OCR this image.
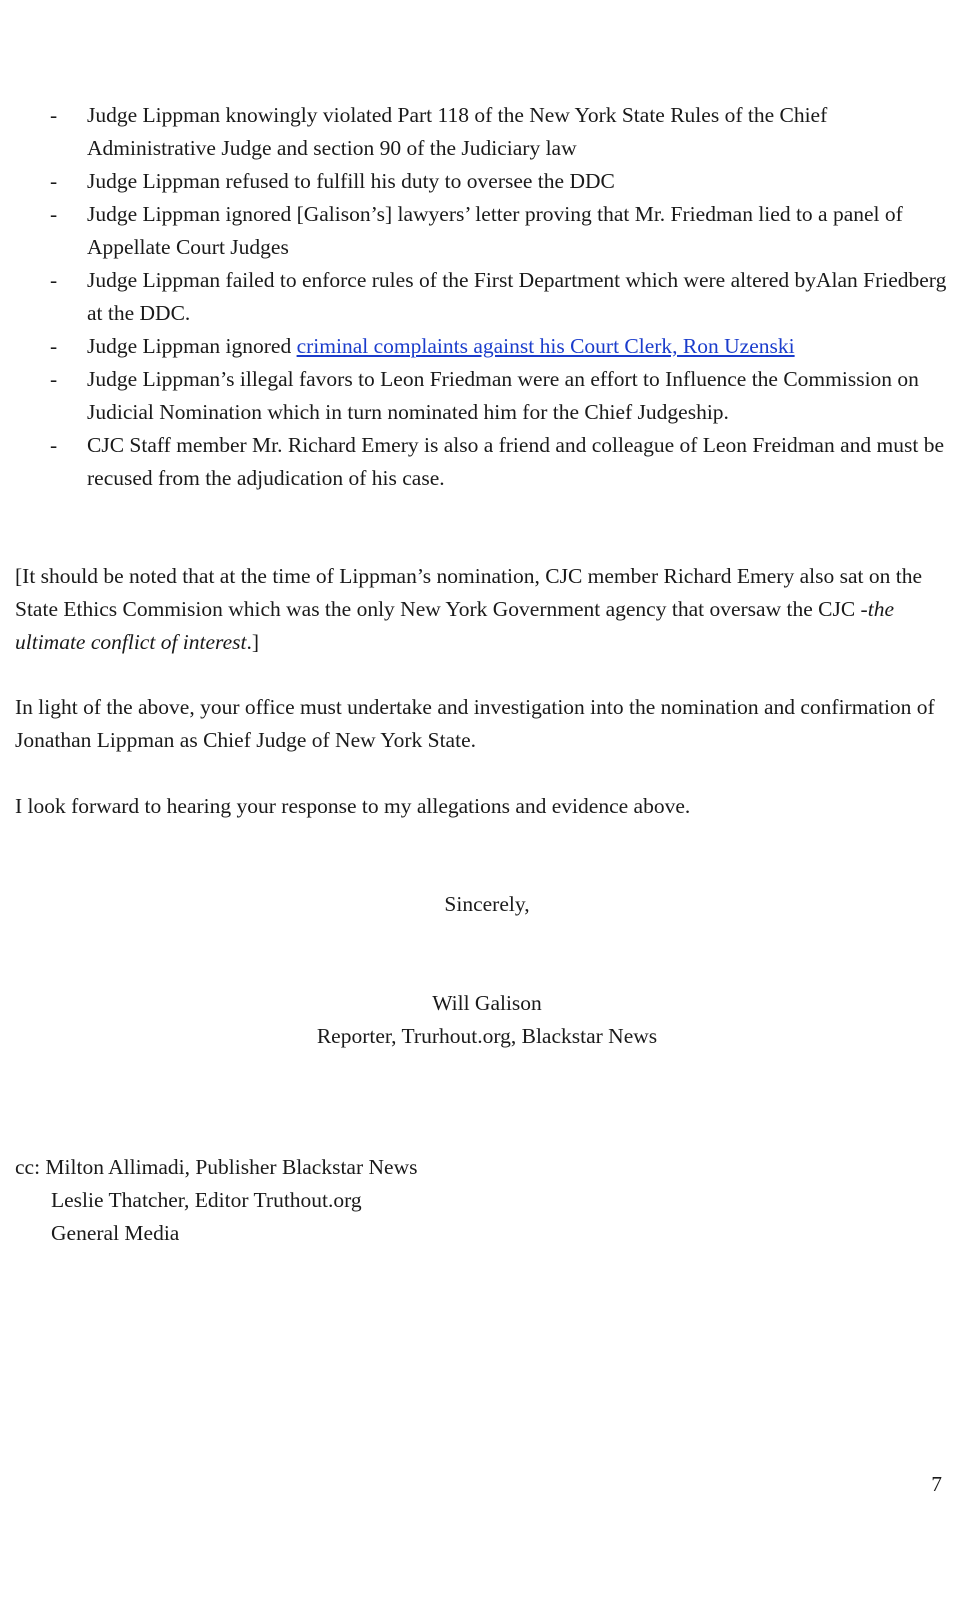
- Judge Lippman knowingly violated Part 118 of the New York State Rules of the Chief Administrative Judge and section 90 of the Judiciary law
- Judge Lippman refused to fulfill his duty to oversee the DDC
- Judge Lippman ignored [Galison’s] lawyers’ letter proving that Mr. Friedman lied to a panel of Appellate Court Judges
- Judge Lippman failed to enforce rules of the First Department which were altered byAlan Friedberg at the DDC.
- Judge Lippman ignored criminal complaints against his Court Clerk, Ron Uzenski
- Judge Lippman’s illegal favors to Leon Friedman were an effort to Influence the Commission on Judicial Nomination which in turn nominated him for the Chief Judgeship.
- CJC Staff member Mr. Richard Emery is also a friend and colleague of Leon Freidman and must be recused from the adjudication of his case.

[It should be noted that at the time of Lippman’s nomination, CJC member Richard Emery also sat on the State Ethics Commision which was the only New York Government agency that oversaw the CJC -the ultimate conflict of interest.]

In light of the above, your office must undertake and investigation into the nomination and confirmation of Jonathan Lippman as Chief Judge of New York State.

I look forward to hearing your response to my allegations and evidence above.

Sincerely,

Will Galison

Reporter, Trurhout.org, Blackstar News

cc: Milton Allimadi, Publisher Blackstar News
Leslie Thatcher, Editor Truthout.org
General Media

7
